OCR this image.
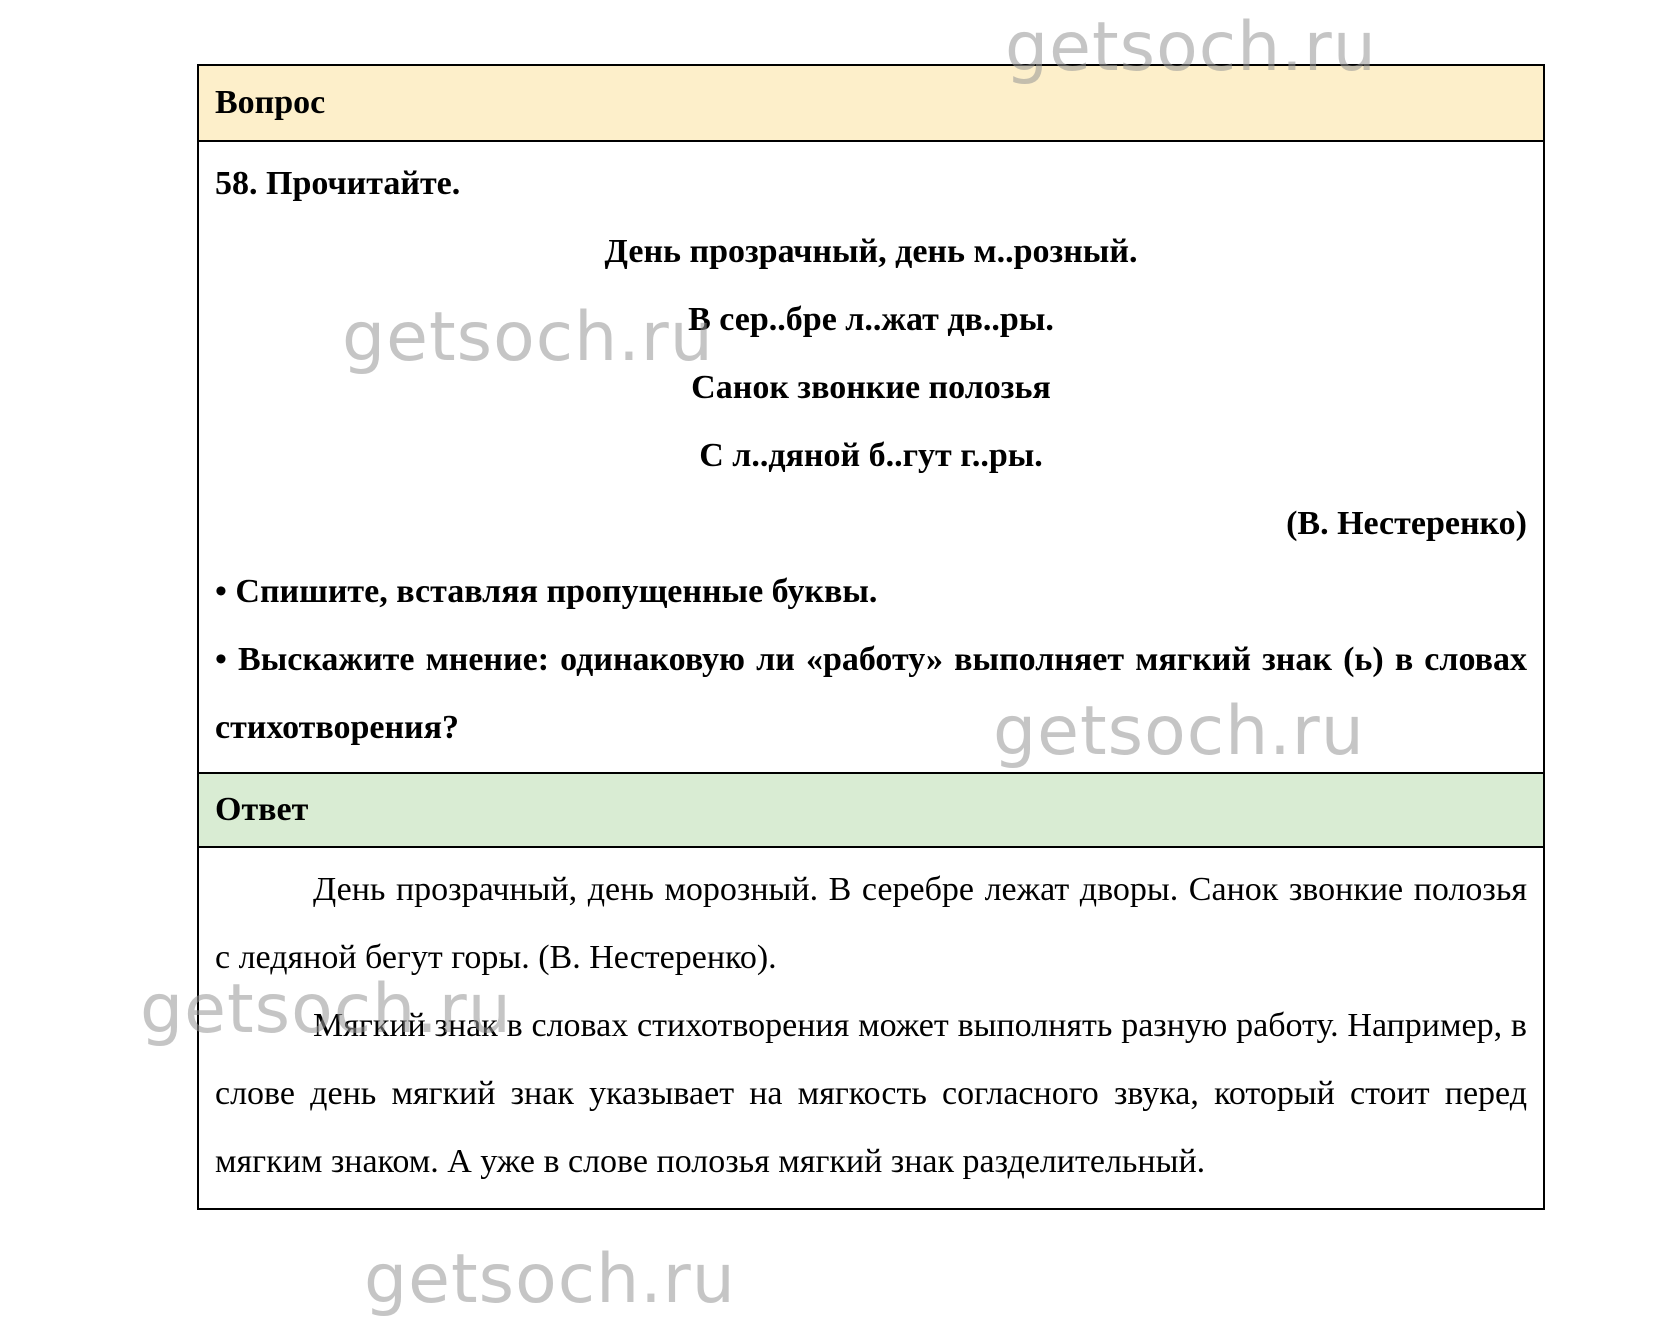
Вопрос
58. Прочитайте.
День прозрачный, день м..розный.
В сер..бре л..жат дв..ры.
Санок звонкие полозья
С л..дяной б..гут г..ры.
(В. Нестеренко)
• Спишите, вставляя пропущенные буквы.
• Выскажите мнение: одинаковую ли «работу» выполняет мягкий знак (ь) в словах стихотворения?
Ответ

День прозрачный, день морозный. В серебре лежат дворы. Санок звонкие полозья с ледяной бегут горы. (В. Нестеренко).

Мягкий знак в словах стихотворения может выполнять разную работу. Например, в слове день мягкий знак указывает на мягкость согласного звука, который стоит перед мягким знаком. А уже в слове полозья мягкий знак разделительный.

getsoch.ru
getsoch.ru
getsoch.ru
getsoch.ru
getsoch.ru
